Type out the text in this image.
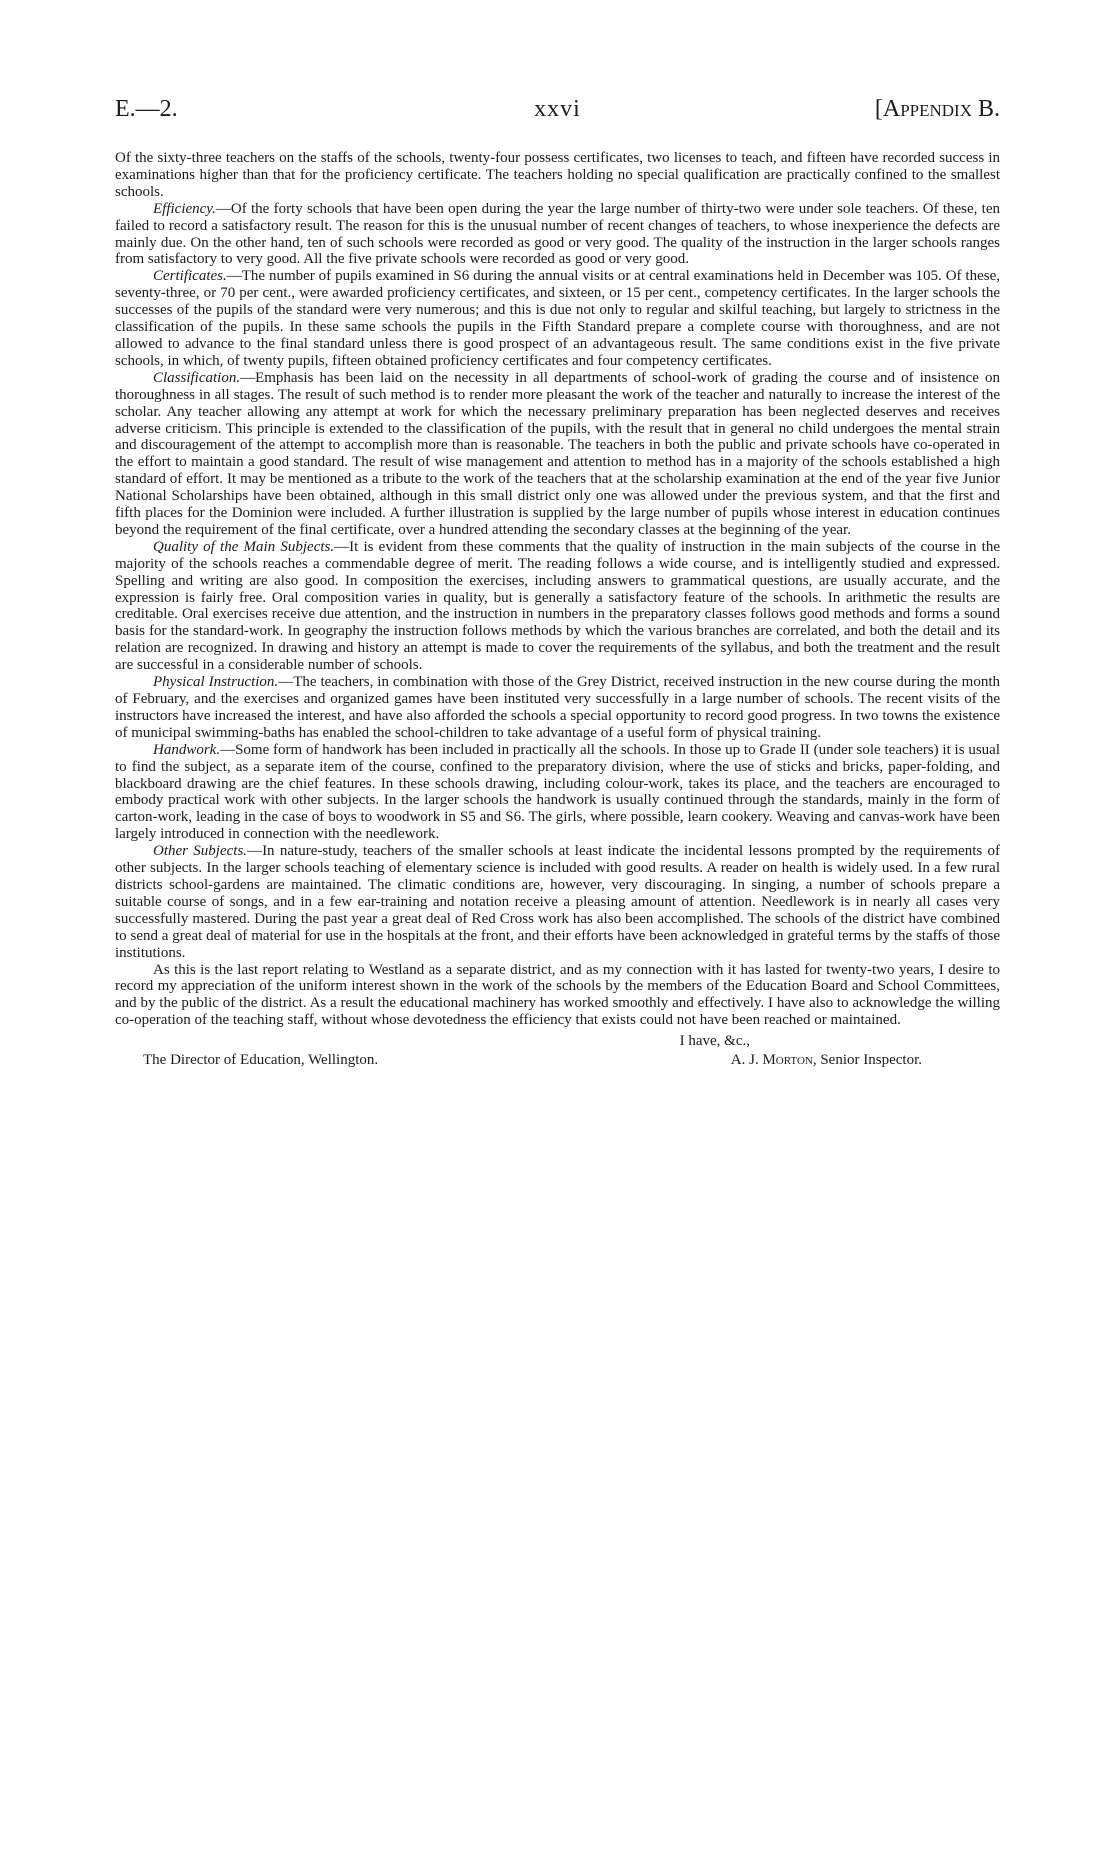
E.—2.	xxvi	[Appendix B.

Of the sixty-three teachers on the staffs of the schools, twenty-four possess certificates, two licenses to teach, and fifteen have recorded success in examinations higher than that for the proficiency certificate. The teachers holding no special qualification are practically confined to the smallest schools.

Efficiency.—Of the forty schools that have been open during the year the large number of thirty-two were under sole teachers. Of these, ten failed to record a satisfactory result. The reason for this is the unusual number of recent changes of teachers, to whose inexperience the defects are mainly due. On the other hand, ten of such schools were recorded as good or very good. The quality of the instruction in the larger schools ranges from satisfactory to very good. All the five private schools were recorded as good or very good.

Certificates.—The number of pupils examined in S6 during the annual visits or at central examinations held in December was 105. Of these, seventy-three, or 70 per cent., were awarded proficiency certificates, and sixteen, or 15 per cent., competency certificates. In the larger schools the successes of the pupils of the standard were very numerous; and this is due not only to regular and skilful teaching, but largely to strictness in the classification of the pupils. In these same schools the pupils in the Fifth Standard prepare a complete course with thoroughness, and are not allowed to advance to the final standard unless there is good prospect of an advantageous result. The same conditions exist in the five private schools, in which, of twenty pupils, fifteen obtained proficiency certificates and four competency certificates.

Classification.—Emphasis has been laid on the necessity in all departments of school-work of grading the course and of insistence on thoroughness in all stages. The result of such method is to render more pleasant the work of the teacher and naturally to increase the interest of the scholar. Any teacher allowing any attempt at work for which the necessary preliminary preparation has been neglected deserves and receives adverse criticism. This principle is extended to the classification of the pupils, with the result that in general no child undergoes the mental strain and discouragement of the attempt to accomplish more than is reasonable. The teachers in both the public and private schools have co-operated in the effort to maintain a good standard. The result of wise management and attention to method has in a majority of the schools established a high standard of effort. It may be mentioned as a tribute to the work of the teachers that at the scholarship examination at the end of the year five Junior National Scholarships have been obtained, although in this small district only one was allowed under the previous system, and that the first and fifth places for the Dominion were included. A further illustration is supplied by the large number of pupils whose interest in education continues beyond the requirement of the final certificate, over a hundred attending the secondary classes at the beginning of the year.

Quality of the Main Subjects.—It is evident from these comments that the quality of instruction in the main subjects of the course in the majority of the schools reaches a commendable degree of merit. The reading follows a wide course, and is intelligently studied and expressed. Spelling and writing are also good. In composition the exercises, including answers to grammatical questions, are usually accurate, and the expression is fairly free. Oral composition varies in quality, but is generally a satisfactory feature of the schools. In arithmetic the results are creditable. Oral exercises receive due attention, and the instruction in numbers in the preparatory classes follows good methods and forms a sound basis for the standard-work. In geography the instruction follows methods by which the various branches are correlated, and both the detail and its relation are recognized. In drawing and history an attempt is made to cover the requirements of the syllabus, and both the treatment and the result are successful in a considerable number of schools.

Physical Instruction.—The teachers, in combination with those of the Grey District, received instruction in the new course during the month of February, and the exercises and organized games have been instituted very successfully in a large number of schools. The recent visits of the instructors have increased the interest, and have also afforded the schools a special opportunity to record good progress. In two towns the existence of municipal swimming-baths has enabled the school-children to take advantage of a useful form of physical training.

Handwork.—Some form of handwork has been included in practically all the schools. In those up to Grade II (under sole teachers) it is usual to find the subject, as a separate item of the course, confined to the preparatory division, where the use of sticks and bricks, paper-folding, and blackboard drawing are the chief features. In these schools drawing, including colour-work, takes its place, and the teachers are encouraged to embody practical work with other subjects. In the larger schools the handwork is usually continued through the standards, mainly in the form of carton-work, leading in the case of boys to woodwork in S5 and S6. The girls, where possible, learn cookery. Weaving and canvas-work have been largely introduced in connection with the needlework.

Other Subjects.—In nature-study, teachers of the smaller schools at least indicate the incidental lessons prompted by the requirements of other subjects. In the larger schools teaching of elementary science is included with good results. A reader on health is widely used. In a few rural districts school-gardens are maintained. The climatic conditions are, however, very discouraging. In singing, a number of schools prepare a suitable course of songs, and in a few ear-training and notation receive a pleasing amount of attention. Needlework is in nearly all cases very successfully mastered. During the past year a great deal of Red Cross work has also been accomplished. The schools of the district have combined to send a great deal of material for use in the hospitals at the front, and their efforts have been acknowledged in grateful terms by the staffs of those institutions.

As this is the last report relating to Westland as a separate district, and as my connection with it has lasted for twenty-two years, I desire to record my appreciation of the uniform interest shown in the work of the schools by the members of the Education Board and School Committees, and by the public of the district. As a result the educational machinery has worked smoothly and effectively. I have also to acknowledge the willing co-operation of the teaching staff, without whose devotedness the efficiency that exists could not have been reached or maintained.

I have, &c.,
The Director of Education, Wellington.	A. J. Morton, Senior Inspector.
